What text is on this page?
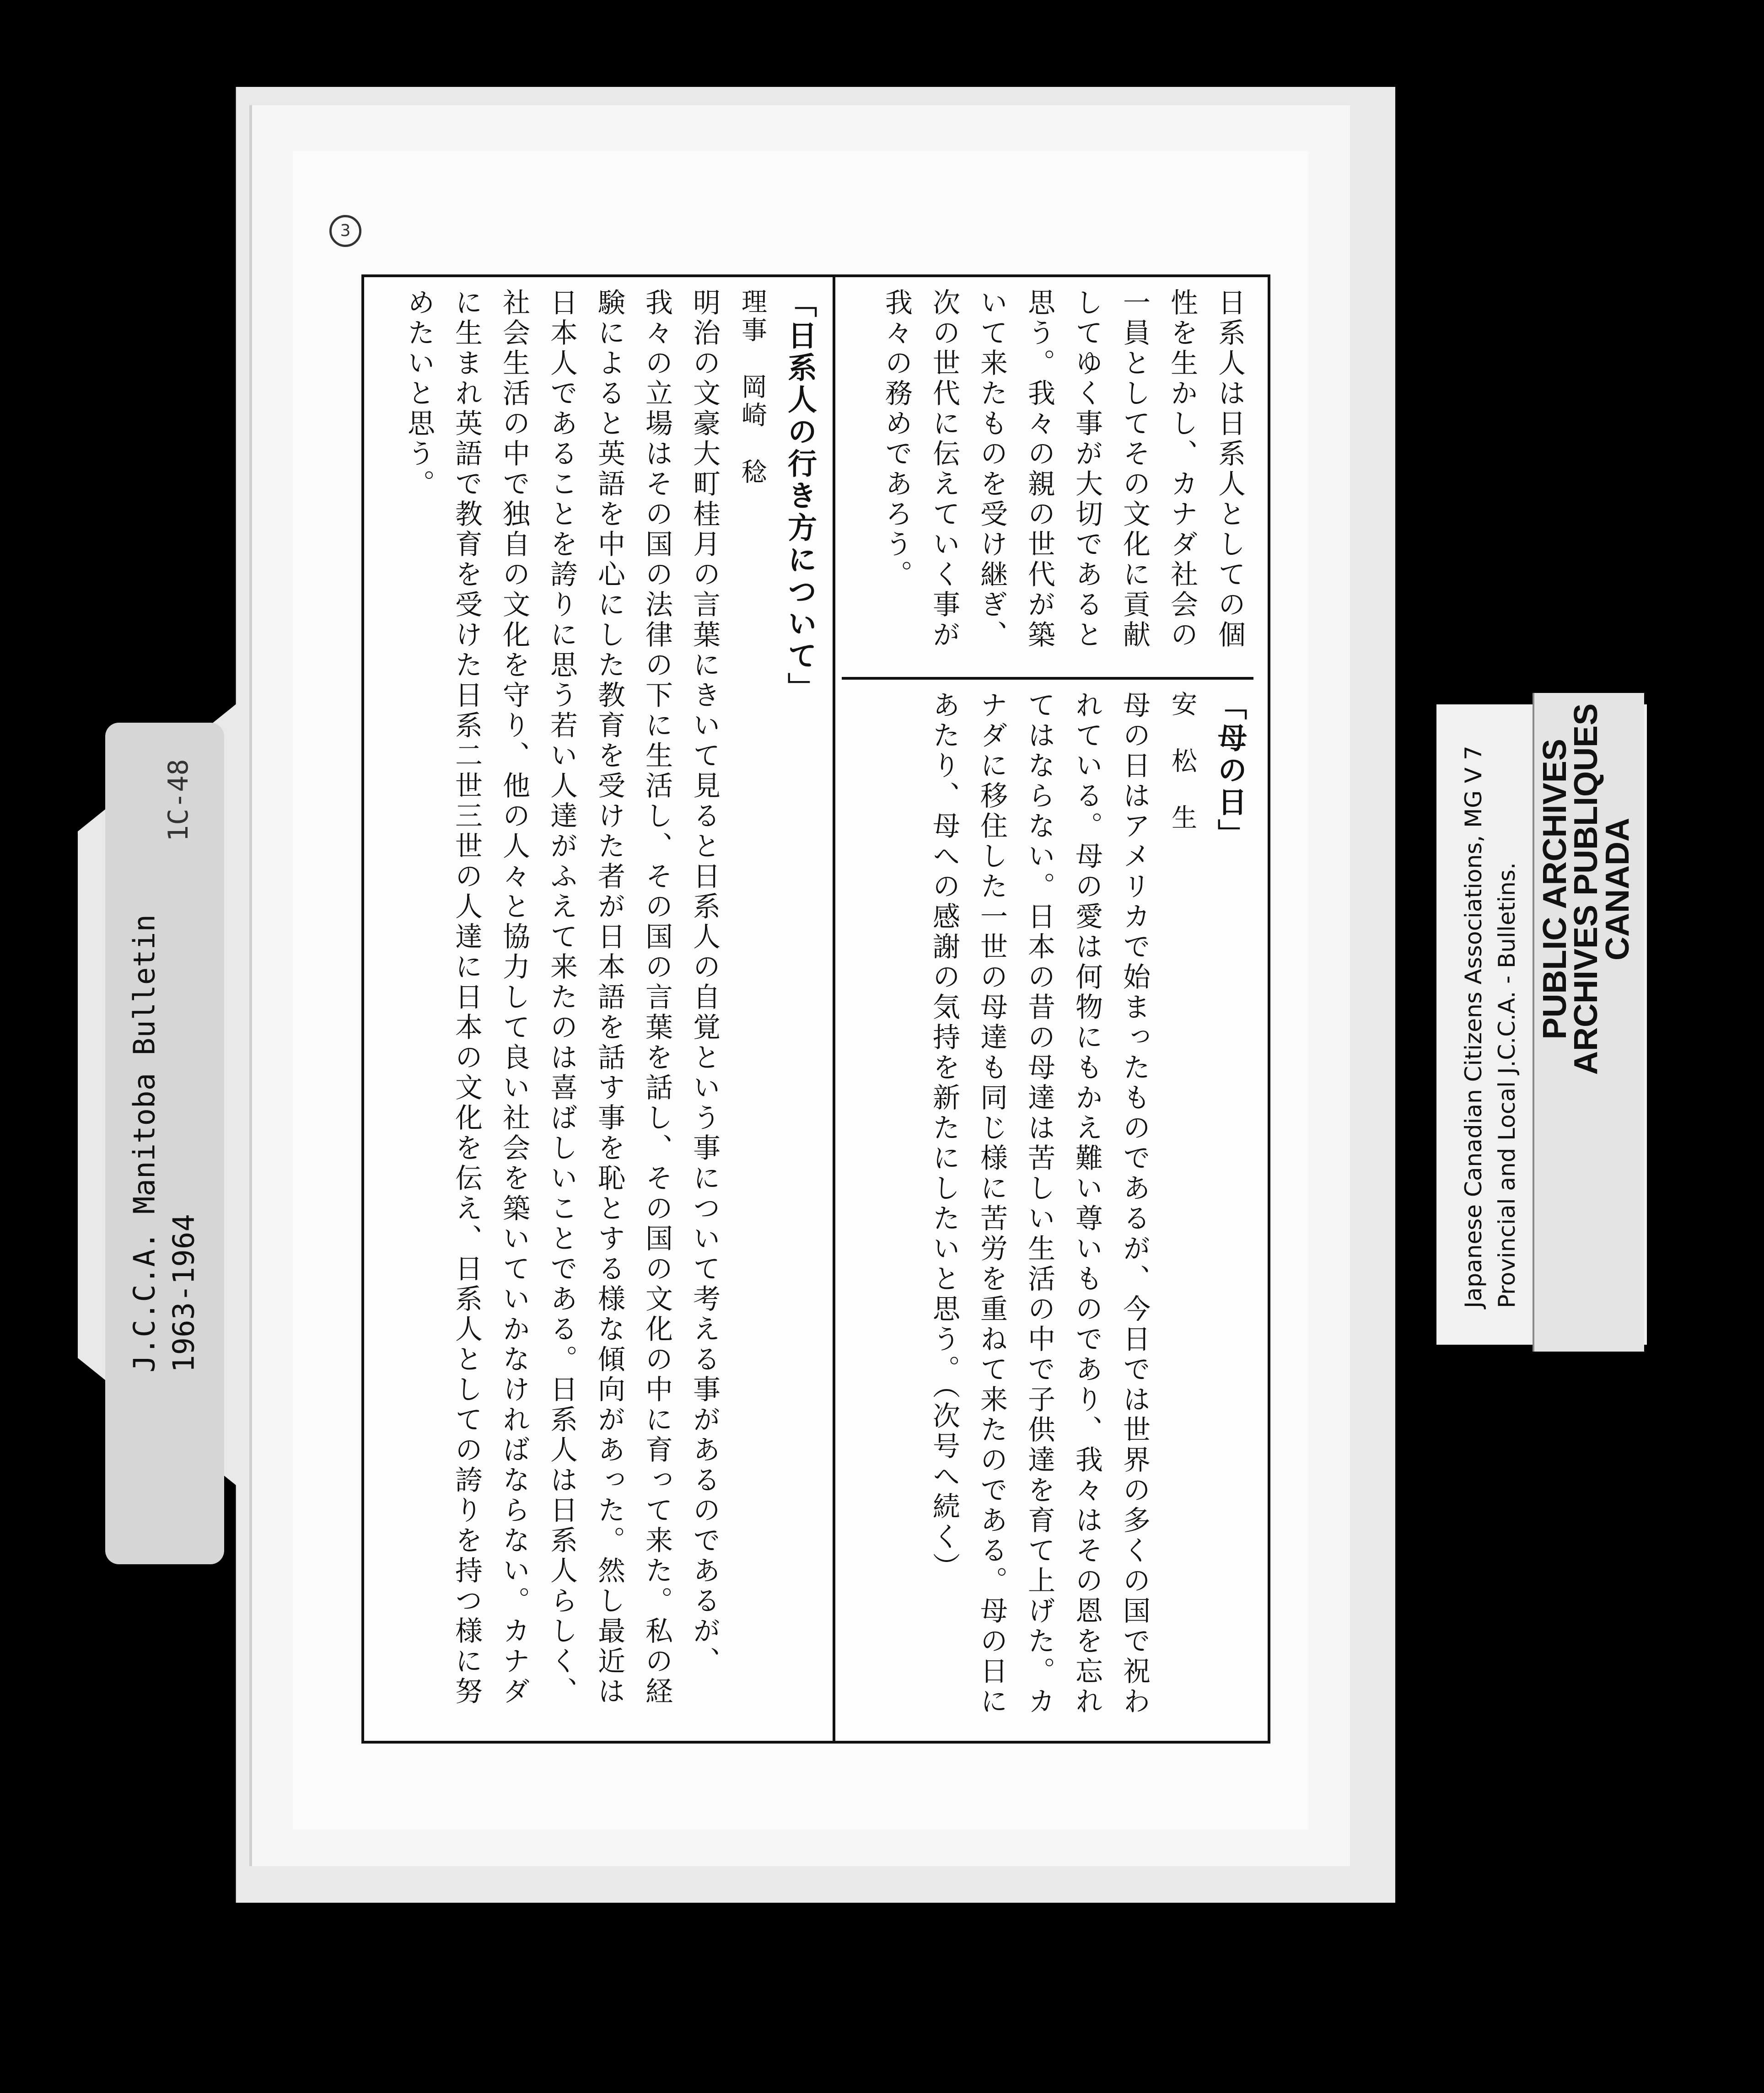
J.C.C.A. Manitoba Bulletin 1963-1964
1C-48
3
日系人は日系人としての個性を生かし、カナダ社会の一員としてその文化に貢献してゆく事が大切であると思う。我々の親の世代が築いて来たものを受け継ぎ、次の世代に伝えていく事が我々の務めであろう。
「母の日」
安　松　生
母の日はアメリカで始まったものであるが、今日では世界の多くの国で祝われている。母の愛は何物にもかえ難い尊いものであり、我々はその恩を忘れてはならない。日本の昔の母達は苦しい生活の中で子供達を育て上げた。カナダに移住した一世の母達も同じ様に苦労を重ねて来たのである。母の日にあたり、母への感謝の気持を新たにしたいと思う。（次号へ続く）
「日系人の行き方について」
理事　岡崎　稔
明治の文豪大町桂月の言葉にきいて見ると日系人の自覚という事について考える事があるのであるが、我々の立場はその国の法律の下に生活し、その国の言葉を話し、その国の文化の中に育って来た。私の経験によると英語を中心にした教育を受けた者が日本語を話す事を恥とする様な傾向があった。然し最近は日本人であることを誇りに思う若い人達がふえて来たのは喜ばしいことである。日系人は日系人らしく、社会生活の中で独自の文化を守り、他の人々と協力して良い社会を築いていかなければならない。カナダに生まれ英語で教育を受けた日系二世三世の人達に日本の文化を伝え、日系人としての誇りを持つ様に努めたいと思う。
Japanese Canadian Citizens Associations, MG V 7 Provincial and Local J.C.C.A. - Bulletins. PUBLIC ARCHIVES
ARCHIVES PUBLIQUES
CANADA
